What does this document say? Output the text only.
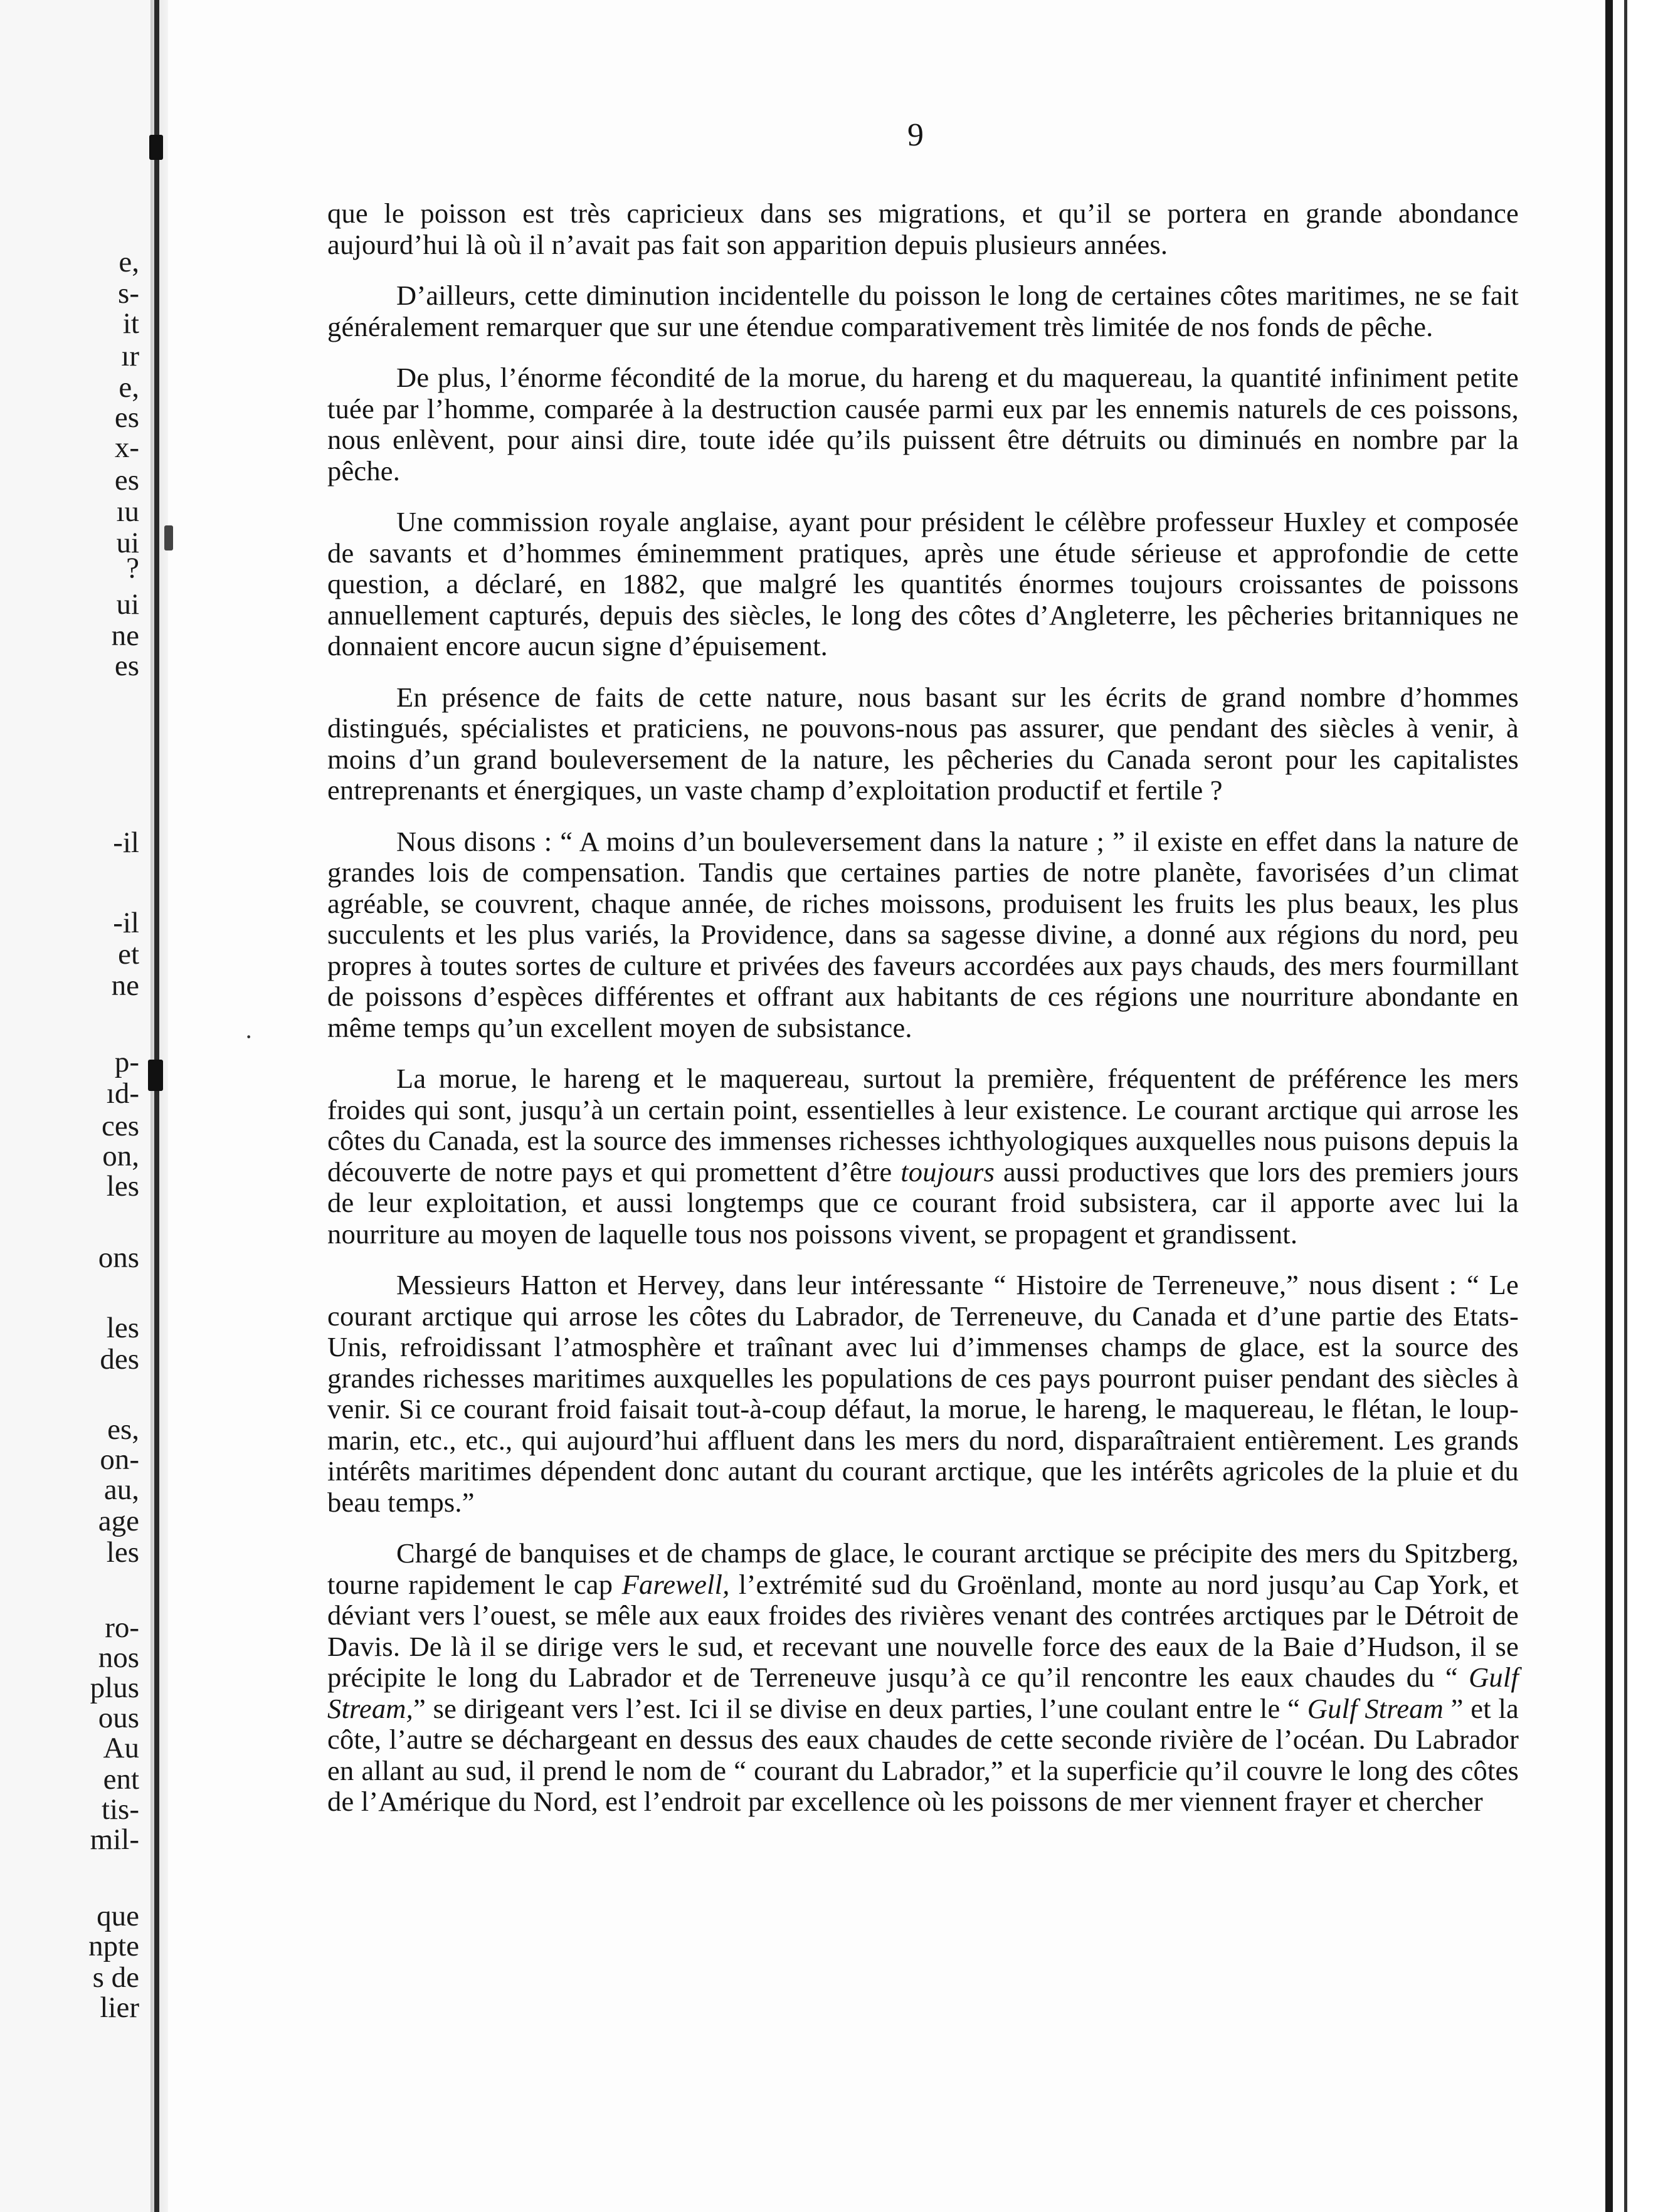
e,
s-
it
ır
e,
es
x-
es
ıu
ui
?
ui
ne
es
-il
-il
et
ne
p-
ıd-
ces
on,
les
ons
les
des
es,
on-
au,
age
les
ro-
nos
plus
ous
Au
ent
tis-
mil-
que
npte
s de
lier
·
9

que le poisson est très capricieux dans ses migrations, et qu’il se portera en grande abondance aujourd’hui là où il n’avait pas fait son apparition depuis plusieurs années.

D’ailleurs, cette diminution incidentelle du poisson le long de certaines côtes maritimes, ne se fait généralement remarquer que sur une étendue comparativement très limitée de nos fonds de pêche.

De plus, l’énorme fécondité de la morue, du hareng et du maquereau, la quantité infiniment petite tuée par l’homme, comparée à la destruction causée parmi eux par les ennemis naturels de ces poissons, nous enlèvent, pour ainsi dire, toute idée qu’ils puissent être détruits ou diminués en nombre par la pêche.

Une commission royale anglaise, ayant pour président le célèbre professeur Huxley et composée de savants et d’hommes éminemment pratiques, après une étude sérieuse et approfondie de cette question, a déclaré, en 1882, que malgré les quantités énormes toujours croissantes de poissons annuellement capturés, depuis des siècles, le long des côtes d’Angleterre, les pêcheries britanniques ne donnaient encore aucun signe d’épuisement.

En présence de faits de cette nature, nous basant sur les écrits de grand nombre d’hommes distingués, spécialistes et praticiens, ne pouvons-nous pas assurer, que pendant des siècles à venir, à moins d’un grand bouleversement de la nature, les pêcheries du Canada seront pour les capitalistes entreprenants et énergiques, un vaste champ d’exploitation productif et fertile ?

Nous disons : “ A moins d’un bouleversement dans la nature ; ” il existe en effet dans la nature de grandes lois de compensation. Tandis que certaines parties de notre planète, favorisées d’un climat agréable, se couvrent, chaque année, de riches moissons, produisent les fruits les plus beaux, les plus succulents et les plus variés, la Providence, dans sa sagesse divine, a donné aux régions du nord, peu propres à toutes sortes de culture et privées des faveurs accordées aux pays chauds, des mers fourmillant de poissons d’espèces différentes et offrant aux habitants de ces régions une nourriture abondante en même temps qu’un excellent moyen de subsistance.

La morue, le hareng et le maquereau, surtout la première, fréquentent de préférence les mers froides qui sont, jusqu’à un certain point, essentielles à leur existence. Le courant arctique qui arrose les côtes du Canada, est la source des immenses richesses ichthyologiques auxquelles nous puisons depuis la découverte de notre pays et qui promettent d’être toujours aussi productives que lors des premiers jours de leur exploitation, et aussi longtemps que ce courant froid subsistera, car il apporte avec lui la nourriture au moyen de laquelle tous nos poissons vivent, se propagent et grandissent.

Messieurs Hatton et Hervey, dans leur intéressante “ Histoire de Terreneuve,” nous disent : “ Le courant arctique qui arrose les côtes du Labrador, de Terreneuve, du Canada et d’une partie des Etats-Unis, refroidissant l’atmosphère et traînant avec lui d’immenses champs de glace, est la source des grandes richesses maritimes auxquelles les populations de ces pays pourront puiser pendant des siècles à venir. Si ce courant froid faisait tout-à-coup défaut, la morue, le hareng, le maquereau, le flétan, le loup-marin, etc., etc., qui aujourd’hui affluent dans les mers du nord, disparaîtraient entièrement. Les grands intérêts maritimes dépendent donc autant du courant arctique, que les intérêts agricoles de la pluie et du beau temps.”

Chargé de banquises et de champs de glace, le courant arctique se précipite des mers du Spitzberg, tourne rapidement le cap Farewell, l’extrémité sud du Groënland, monte au nord jusqu’au Cap York, et déviant vers l’ouest, se mêle aux eaux froides des rivières venant des contrées arctiques par le Détroit de Davis. De là il se dirige vers le sud, et recevant une nouvelle force des eaux de la Baie d’Hudson, il se précipite le long du Labrador et de Terreneuve jusqu’à ce qu’il rencontre les eaux chaudes du “ Gulf Stream,” se dirigeant vers l’est. Ici il se divise en deux parties, l’une coulant entre le “ Gulf Stream ” et la côte, l’autre se déchargeant en dessus des eaux chaudes de cette seconde rivière de l’océan. Du Labrador en allant au sud, il prend le nom de “ courant du Labrador,” et la superficie qu’il couvre le long des côtes de l’Amérique du Nord, est l’endroit par excellence où les poissons de mer viennent frayer et chercher
